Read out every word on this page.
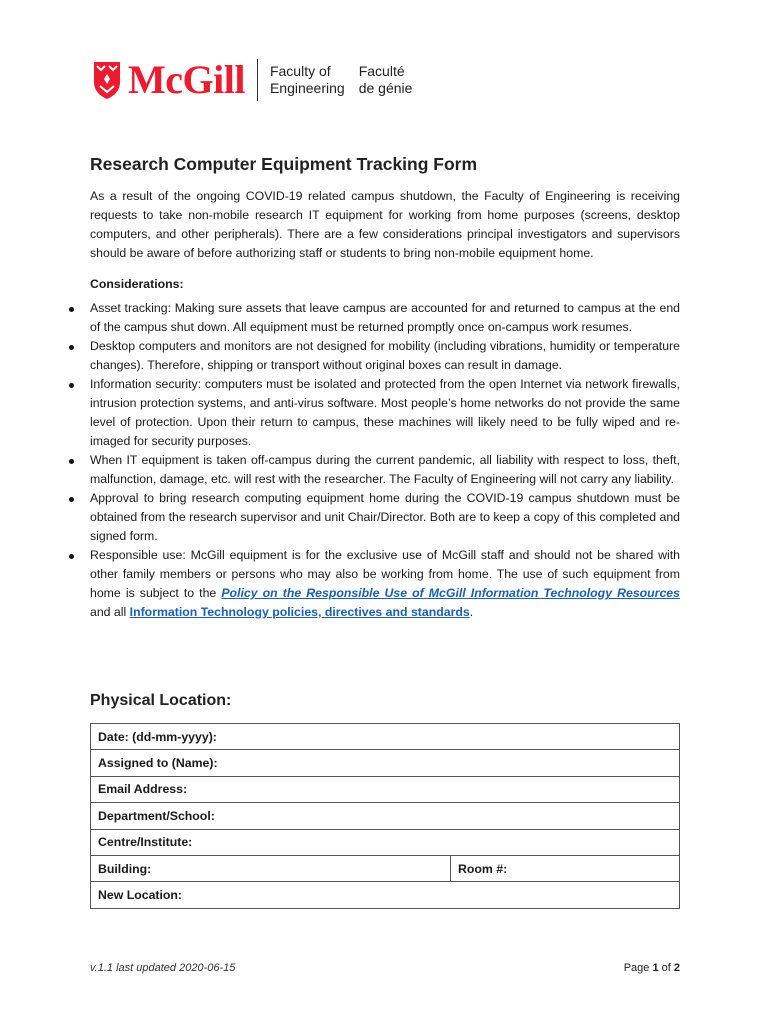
McGill Faculty of
Engineering
Faculté
de génie
Research Computer Equipment Tracking Form

As a result of the ongoing COVID-19 related campus shutdown, the Faculty of Engineering is receiving requests to take non-mobile research IT equipment for working from home purposes (screens, desktop computers, and other peripherals). There are a few considerations principal investigators and supervisors should be aware of before authorizing staff or students to bring non-mobile equipment home.

Considerations:
Asset tracking: Making sure assets that leave campus are accounted for and returned to campus at the end of the campus shut down. All equipment must be returned promptly once on-campus work resumes.
Desktop computers and monitors are not designed for mobility (including vibrations, humidity or temperature changes). Therefore, shipping or transport without original boxes can result in damage.
Information security: computers must be isolated and protected from the open Internet via network firewalls, intrusion protection systems, and anti-virus software. Most people’s home networks do not provide the same level of protection. Upon their return to campus, these machines will likely need to be fully wiped and re-imaged for security purposes.
When IT equipment is taken off-campus during the current pandemic, all liability with respect to loss, theft, malfunction, damage, etc. will rest with the researcher. The Faculty of Engineering will not carry any liability.
Approval to bring research computing equipment home during the COVID-19 campus shutdown must be obtained from the research supervisor and unit Chair/Director. Both are to keep a copy of this completed and signed form.
Responsible use: McGill equipment is for the exclusive use of McGill staff and should not be shared with other family members or persons who may also be working from home. The use of such equipment from home is subject to the Policy on the Responsible Use of McGill Information Technology Resources and all Information Technology policies, directives and standards.
Physical Location:
Date: (dd-mm-yyyy):
Assigned to (Name):
Email Address:
Department/School:
Centre/Institute:
Building:	Room #:
New Location:
v.1.1 last updated 2020-06-15	Page 1 of 2
